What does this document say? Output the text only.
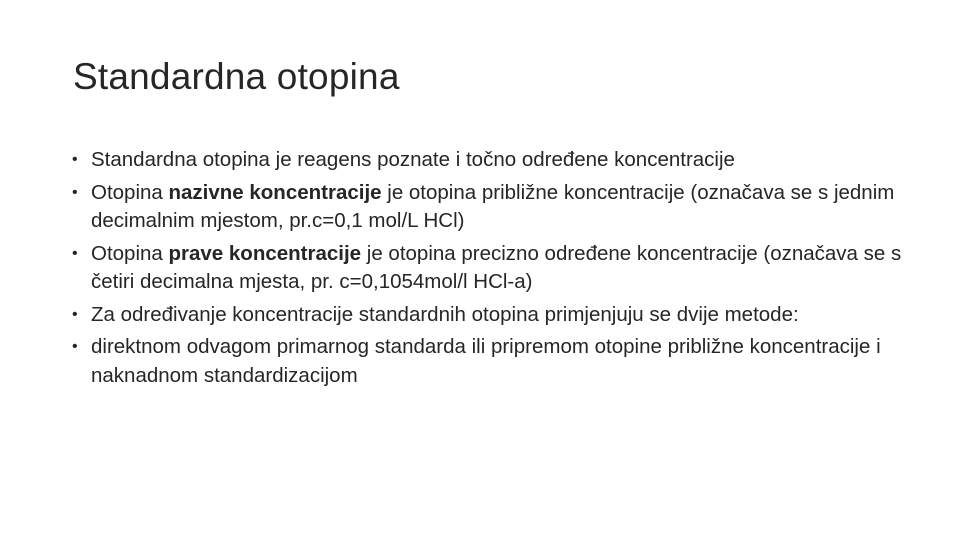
Standardna otopina
• Standardna otopina je reagens poznate i točno određene koncentracije
• Otopina nazivne koncentracije je otopina približne koncentracije (označava se s jednim decimalnim mjestom, pr.c=0,1 mol/L HCl)
• Otopina prave koncentracije je otopina precizno određene koncentracije (označava se s četiri decimalna mjesta, pr. c=0,1054mol/l HCl-a)
• Za određivanje koncentracije standardnih otopina primjenjuju se dvije metode:
• direktnom odvagom primarnog standarda ili pripremom otopine približne koncentracije i naknadnom standardizacijom
